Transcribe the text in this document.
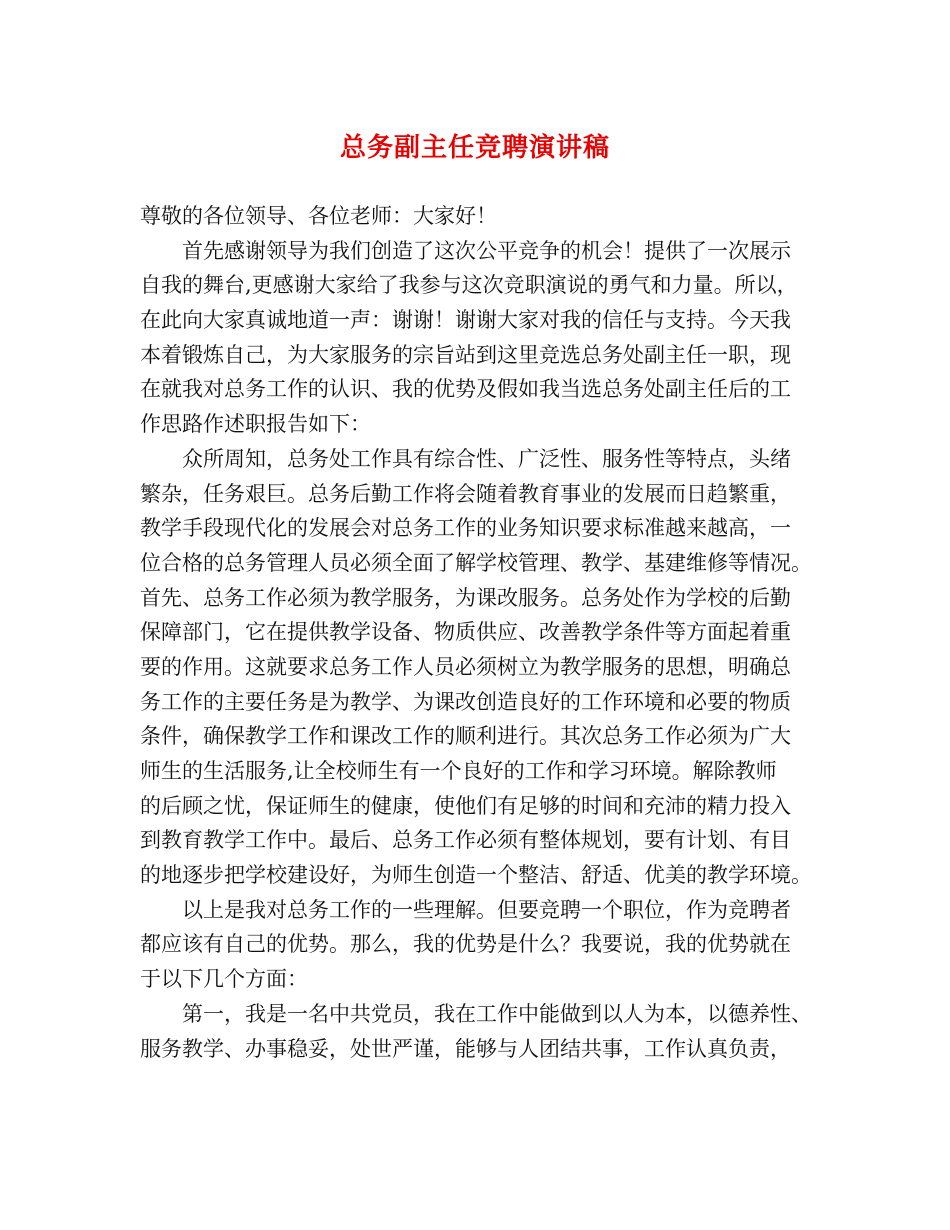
总务副主任竞聘演讲稿
尊敬的各位领导、各位老师：大家好！
首先感谢领导为我们创造了这次公平竞争的机会！提供了一次展示
自我的舞台,更感谢大家给了我参与这次竞职演说的勇气和力量。所以，
在此向大家真诚地道一声：谢谢！谢谢大家对我的信任与支持。今天我
本着锻炼自己，为大家服务的宗旨站到这里竞选总务处副主任一职，现
在就我对总务工作的认识、我的优势及假如我当选总务处副主任后的工
作思路作述职报告如下：
众所周知，总务处工作具有综合性、广泛性、服务性等特点，头绪
繁杂，任务艰巨。总务后勤工作将会随着教育事业的发展而日趋繁重，
教学手段现代化的发展会对总务工作的业务知识要求标准越来越高，一
位合格的总务管理人员必须全面了解学校管理、教学、基建维修等情况。
首先、总务工作必须为教学服务，为课改服务。总务处作为学校的后勤
保障部门，它在提供教学设备、物质供应、改善教学条件等方面起着重
要的作用。这就要求总务工作人员必须树立为教学服务的思想，明确总
务工作的主要任务是为教学、为课改创造良好的工作环境和必要的物质
条件，确保教学工作和课改工作的顺利进行。其次总务工作必须为广大
师生的生活服务,让全校师生有一个良好的工作和学习环境。解除教师
的后顾之忧，保证师生的健康，使他们有足够的时间和充沛的精力投入
到教育教学工作中。最后、总务工作必须有整体规划，要有计划、有目
的地逐步把学校建设好，为师生创造一个整洁、舒适、优美的教学环境。
以上是我对总务工作的一些理解。但要竞聘一个职位，作为竞聘者
都应该有自己的优势。那么，我的优势是什么？我要说，我的优势就在
于以下几个方面：
第一，我是一名中共党员，我在工作中能做到以人为本，以德养性、
服务教学、办事稳妥，处世严谨，能够与人团结共事，工作认真负责，
